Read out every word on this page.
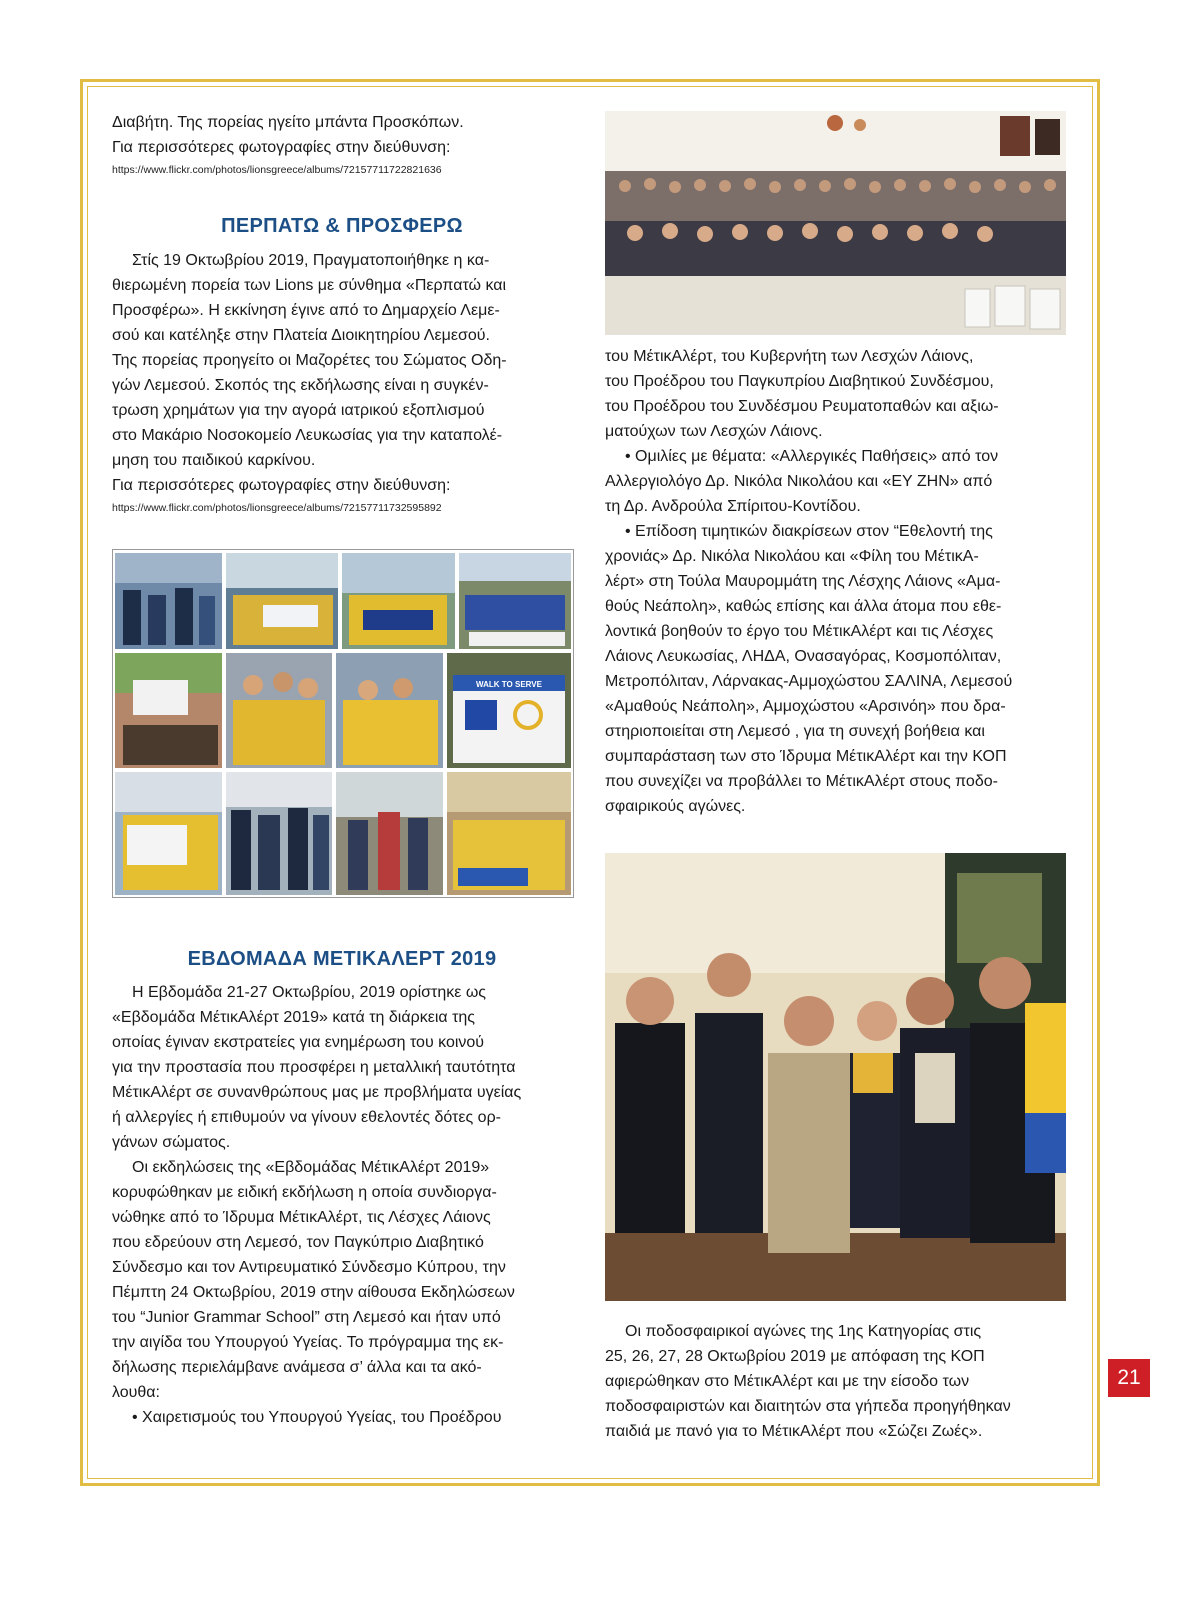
Διαβήτη. Της πορείας ηγείτο μπάντα Προσκόπων.

Για περισσότερες φωτογραφίες στην διεύθυνση:

https://www.flickr.com/photos/lionsgreece/albums/72157711722821636

ΠΕΡΠΑΤΩ & ΠΡΟΣΦΕΡΩ

Στίς 19 Οκτωβρίου 2019, Πραγματοποιήθηκε η κα-

θιερωμένη πορεία των Lions με σύνθημα «Περπατώ και

Προσφέρω». Η εκκίνηση έγινε από το Δημαρχείο Λεμε-

σού και κατέληξε στην Πλατεία Διοικητηρίου Λεμεσού.

Της πορείας προηγείτο οι Μαζορέτες του Σώματος Οδη-

γών Λεμεσού. Σκοπός της εκδήλωσης είναι η συγκέν-

τρωση χρημάτων για την αγορά ιατρικού εξοπλισμού

στο Μακάριο Νοσοκομείο Λευκωσίας για την καταπολέ-

μηση του παιδικού καρκίνου.

Για περισσότερες φωτογραφίες στην διεύθυνση:

https://www.flickr.com/photos/lionsgreece/albums/72157711732595892

WALK TO SERVE
ΕΒΔΟΜΑΔΑ ΜΕΤΙΚΑΛΕΡΤ 2019

Η Εβδομάδα 21-27 Οκτωβρίου, 2019 ορίστηκε ως

«Εβδομάδα ΜέτικΑλέρτ 2019» κατά τη διάρκεια της

οποίας έγιναν εκστρατείες για ενημέρωση του κοινού

για την προστασία που προσφέρει η μεταλλική ταυτότητα

ΜέτικΑλέρτ σε συνανθρώπους μας με προβλήματα υγείας

ή αλλεργίες ή επιθυμούν να γίνουν εθελοντές δότες ορ-

γάνων σώματος.

Οι εκδηλώσεις της «Εβδομάδας ΜέτικΑλέρτ 2019»

κορυφώθηκαν με ειδική εκδήλωση η οποία συνδιοργα-

νώθηκε από το Ίδρυμα ΜέτικΑλέρτ, τις Λέσχες Λάιονς

που εδρεύουν στη Λεμεσό, τον Παγκύπριο Διαβητικό

Σύνδεσμο και τον Αντιρευματικό Σύνδεσμο Κύπρου, την

Πέμπτη 24 Οκτωβρίου, 2019 στην αίθουσα Εκδηλώσεων

του “Junior Grammar School” στη Λεμεσό και ήταν υπό

την αιγίδα του Υπουργού Υγείας. Το πρόγραμμα της εκ-

δήλωσης περιελάμβανε ανάμεσα σ’ άλλα και τα ακό-

λουθα:

• Χαιρετισμούς του Υπουργού Υγείας, του Προέδρου

του ΜέτικΑλέρτ, του Κυβερνήτη των Λεσχών Λάιονς,

του Προέδρου του Παγκυπρίου Διαβητικού Συνδέσμου,

του Προέδρου του Συνδέσμου Ρευματοπαθών και αξιω-

ματούχων των Λεσχών Λάιονς.

• Ομιλίες με θέματα: «Αλλεργικές Παθήσεις» από τον

Αλλεργιολόγο Δρ. Νικόλα Νικολάου και «ΕΥ ΖΗΝ» από

τη Δρ. Ανδρούλα Σπίριτου-Κοντίδου.

• Επίδοση τιμητικών διακρίσεων στον “Εθελοντή της

χρονιάς» Δρ. Νικόλα Νικολάου και «Φίλη του ΜέτικΑ-

λέρτ» στη Τούλα Μαυρομμάτη της Λέσχης Λάιονς «Αμα-

θούς Νεάπολη», καθώς επίσης και άλλα άτομα που εθε-

λοντικά βοηθούν το έργο του ΜέτικΑλέρτ και τις Λέσχες

Λάιονς Λευκωσίας, ΛΗΔΑ, Ονασαγόρας, Κοσμοπόλιταν,

Μετροπόλιταν, Λάρνακας-Αμμοχώστου ΣΑΛΙΝΑ, Λεμεσού

«Αμαθούς Νεάπολη», Αμμοχώστου «Αρσινόη» που δρα-

στηριοποιείται στη Λεμεσό , για τη συνεχή βοήθεια και

συμπαράσταση των στο Ίδρυμα ΜέτικΑλέρτ και την ΚΟΠ

που συνεχίζει να προβάλλει το ΜέτικΑλέρτ στους ποδο-

σφαιρικούς αγώνες.

Οι ποδοσφαιρικοί αγώνες της 1ης Κατηγορίας στις

25, 26, 27, 28 Οκτωβρίου 2019 με απόφαση της ΚΟΠ

αφιερώθηκαν στο ΜέτικΑλέρτ και με την είσοδο των

ποδοσφαιριστών και διαιτητών στα γήπεδα προηγήθηκαν

παιδιά με πανό για το ΜέτικΑλέρτ που «Σώζει Ζωές».

21
